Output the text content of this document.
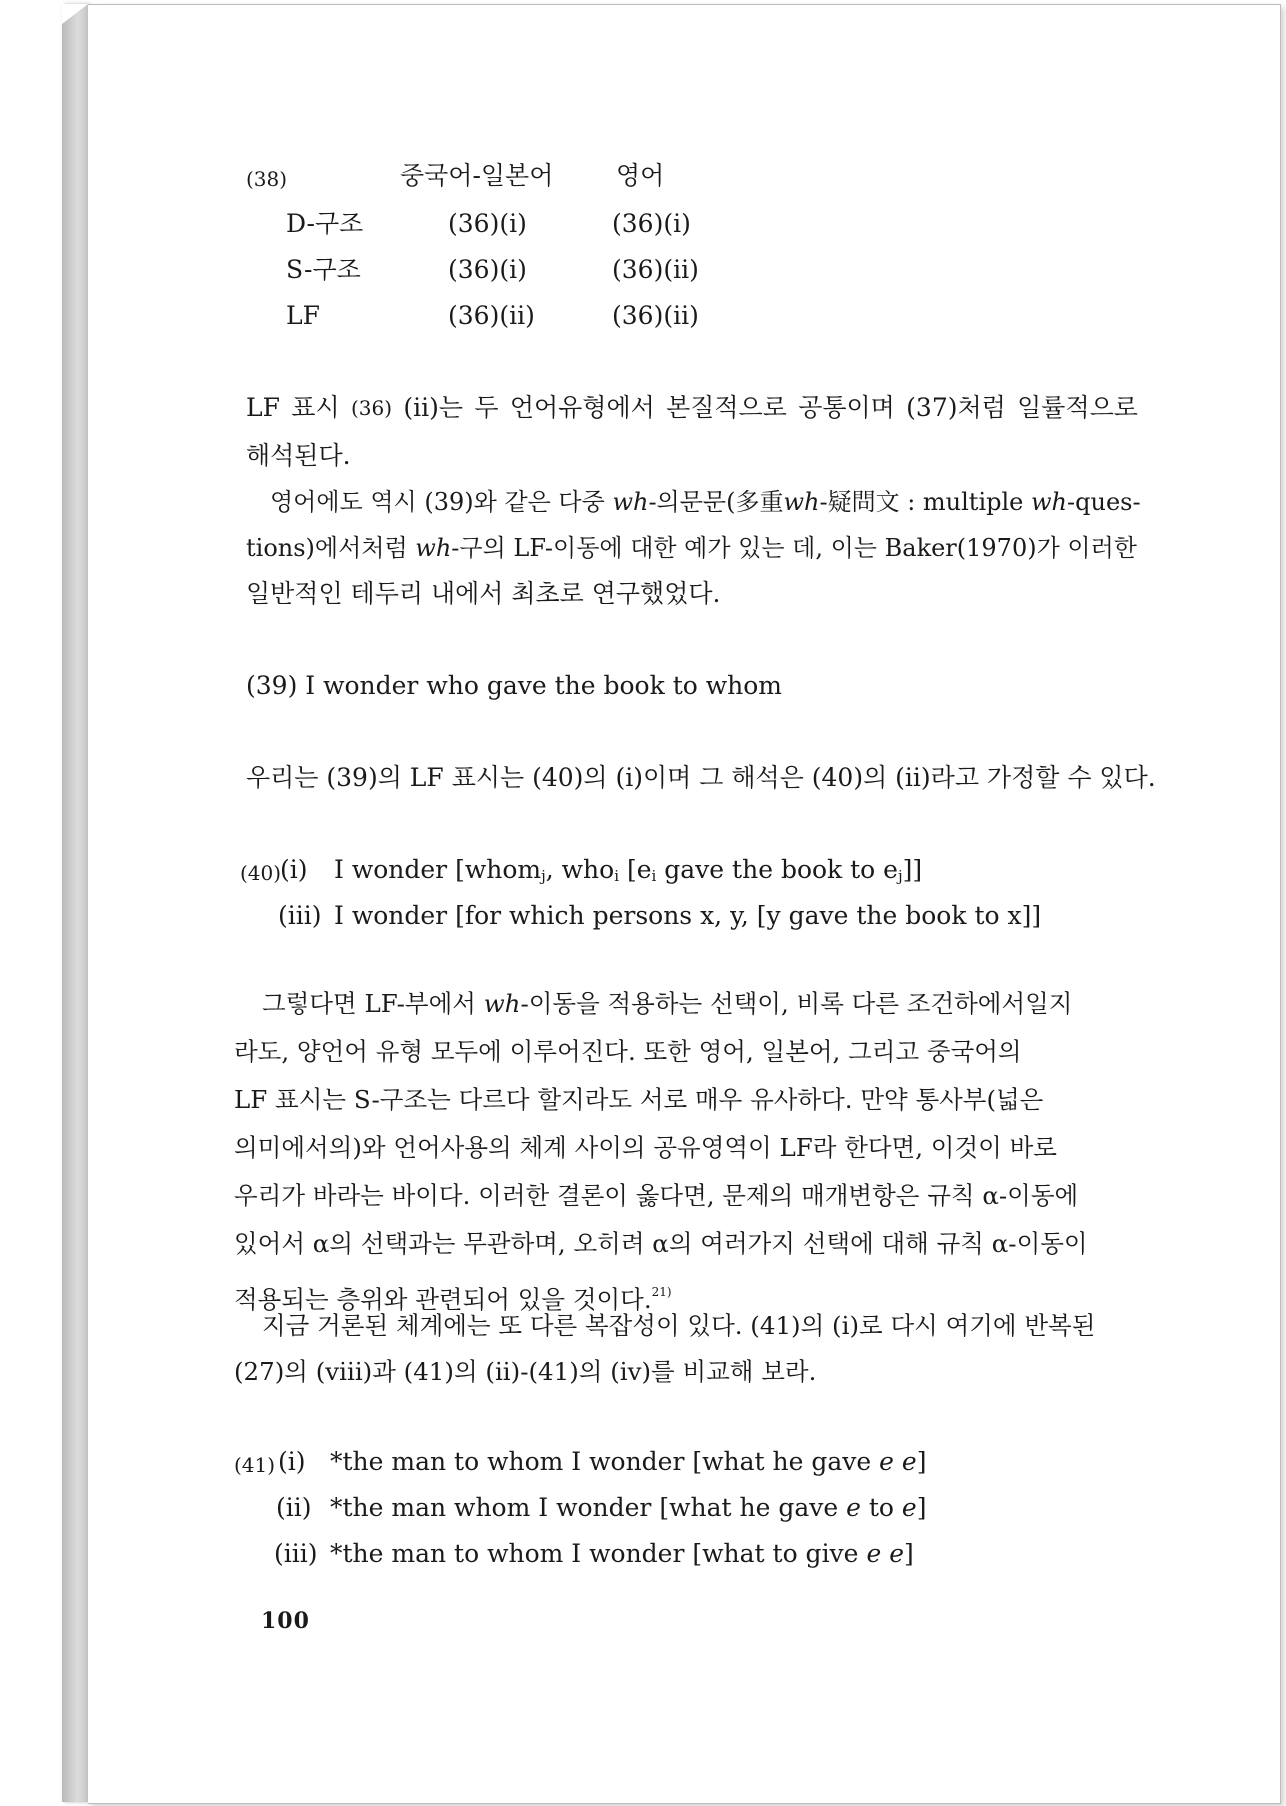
(38)	중국어-일본어	영어
D-구조	(36)(i)	(36)(i)
S-구조	(36)(i)	(36)(ii)
LF	(36)(ii)	(36)(ii)
LF 표시 (36) (ii)는 두 언어유형에서 본질적으로 공통이며 (37)처럼 일률적으로
해석된다.
영어에도 역시 (39)와 같은 다중 wh-의문문(多重wh-疑問文 : multiple wh-ques-
tions)에서처럼 wh-구의 LF-이동에 대한 예가 있는 데, 이는 Baker(1970)가 이러한
일반적인 테두리 내에서 최초로 연구했었다.
(39) I wonder who gave the book to whom
우리는 (39)의 LF 표시는 (40)의 (i)이며 그 해석은 (40)의 (ii)라고 가정할 수 있다.
(40)
(i) I wonder [whomj, whoi [ei gave the book to ej]]
(iii) I wonder [for which persons x, y, [y gave the book to x]]
그렇다면 LF-부에서 wh-이동을 적용하는 선택이, 비록 다른 조건하에서일지
라도, 양언어 유형 모두에 이루어진다. 또한 영어, 일본어, 그리고 중국어의
LF 표시는 S-구조는 다르다 할지라도 서로 매우 유사하다. 만약 통사부(넓은
의미에서의)와 언어사용의 체계 사이의 공유영역이 LF라 한다면, 이것이 바로
우리가 바라는 바이다. 이러한 결론이 옳다면, 문제의 매개변항은 규칙 α-이동에
있어서 α의 선택과는 무관하며, 오히려 α의 여러가지 선택에 대해 규칙 α-이동이
적용되는 층위와 관련되어 있을 것이다.$^{21)}$
지금 거론된 체계에는 또 다른 복잡성이 있다. (41)의 (i)로 다시 여기에 반복된
(27)의 (viii)과 (41)의 (ii)-(41)의 (iv)를 비교해 보라.
(41) (i) *the man to whom I wonder [what he gave e e]
(ii) *the man whom I wonder [what he gave e to e]
(iii) *the man to whom I wonder [what to give e e]
100
